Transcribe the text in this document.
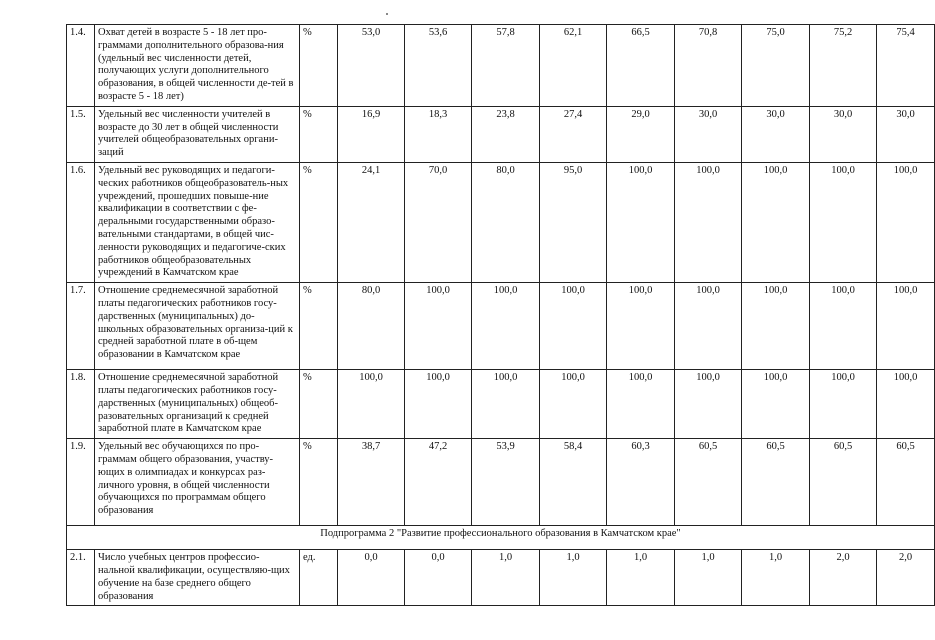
1.4.	Охват детей в возрасте 5 - 18 лет про-граммами дополнительного образова-ния (удельный вес численности детей, получающих услуги дополнительного образования, в общей численности де-тей в возрасте 5 - 18 лет)	%	53,0	53,6	57,8	62,1	66,5	70,8	75,0	75,2	75,4
1.5.	Удельный вес численности учителей в возрасте до 30 лет в общей численности учителей общеобразовательных органи-заций	%	16,9	18,3	23,8	27,4	29,0	30,0	30,0	30,0	30,0
1.6.	Удельный вес руководящих и педагоги-ческих работников общеобразователь-ных учреждений, прошедших повыше-ние квалификации в соответствии с фе-деральными государственными образо-вательными стандартами, в общей чис-ленности руководящих и педагогиче-ских работников общеобразовательных учреждений в Камчатском крае	%	24,1	70,0	80,0	95,0	100,0	100,0	100,0	100,0	100,0
1.7.	Отношение среднемесячной заработной платы педагогических работников госу-дарственных (муниципальных) до-школьных образовательных организа-ций к средней заработной плате в об-щем образовании в Камчатском крае	%	80,0	100,0	100,0	100,0	100,0	100,0	100,0	100,0	100,0
1.8.	Отношение среднемесячной заработной платы педагогических работников госу-дарственных (муниципальных) общеоб-разовательных организаций к средней заработной плате в Камчатском крае	%	100,0	100,0	100,0	100,0	100,0	100,0	100,0	100,0	100,0
1.9.	Удельный вес обучающихся по про-граммам общего образования, участву-ющих в олимпиадах и конкурсах раз-личного уровня, в общей численности обучающихся по программам общего образования	%	38,7	47,2	53,9	58,4	60,3	60,5	60,5	60,5	60,5
Подпрограмма 2 "Развитие профессионального образования в Камчатском крае"											
2.1.	Число учебных центров профессио-нальной квалификации, осуществляю-щих обучение на базе среднего общего образования	ед.	0,0	0,0	1,0	1,0	1,0	1,0	1,0	2,0	2,0
